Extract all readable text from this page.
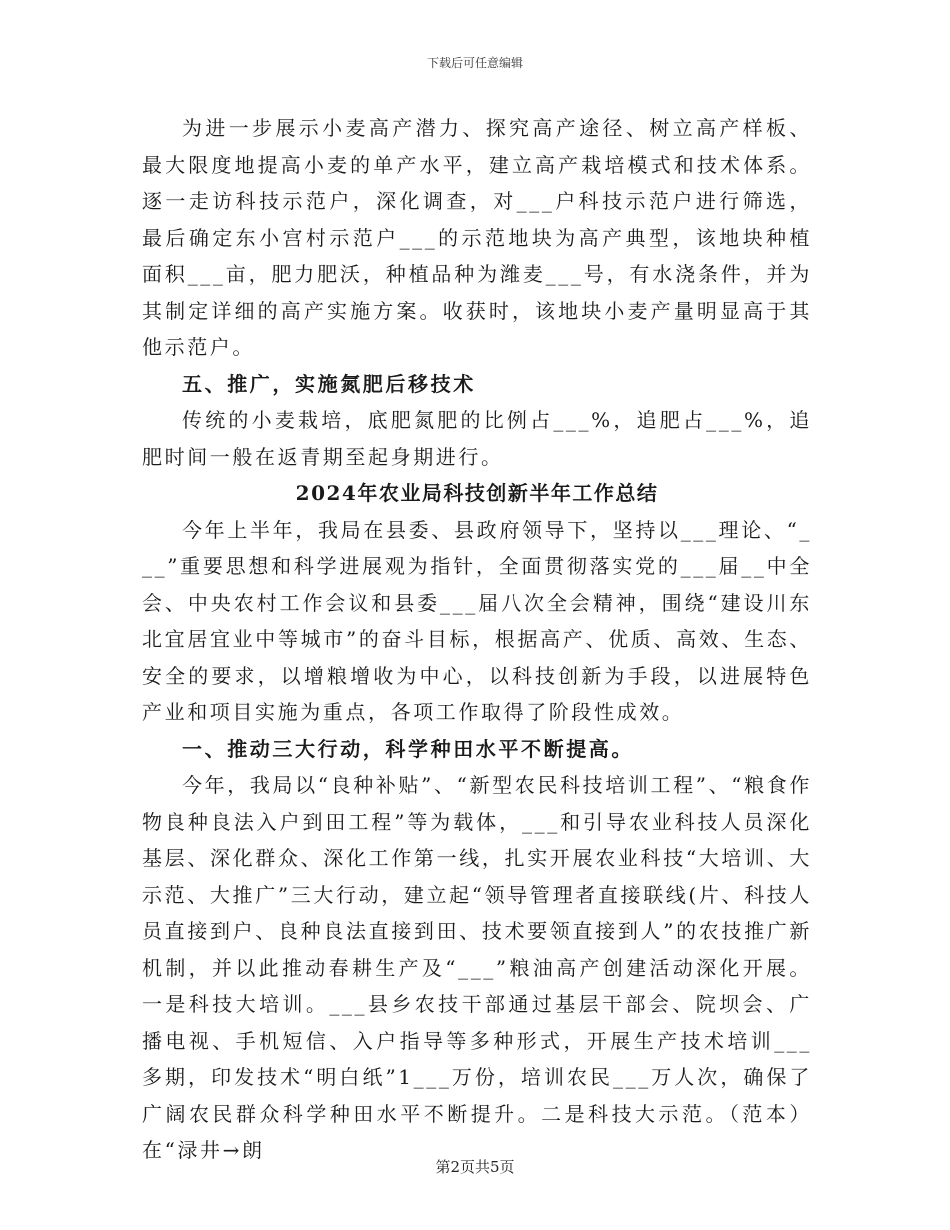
下载后可任意编辑

为进一步展示小麦高产潜力、探究高产途径、树立高产样板、最大限度地提高小麦的单产水平，建立高产栽培模式和技术体系。逐一走访科技示范户，深化调查，对___户科技示范户进行筛选，最后确定东小宫村示范户___的示范地块为高产典型，该地块种植面积___亩，肥力肥沃，种植品种为潍麦___号，有水浇条件，并为其制定详细的高产实施方案。收获时，该地块小麦产量明显高于其他示范户。

五、推广，实施氮肥后移技术

传统的小麦栽培，底肥氮肥的比例占___%，追肥占___%，追肥时间一般在返青期至起身期进行。

2024年农业局科技创新半年工作总结

今年上半年，我局在县委、县政府领导下，坚持以___理论、“___”重要思想和科学进展观为指针，全面贯彻落实党的___届__中全会、中央农村工作会议和县委___届八次全会精神，围绕“建设川东北宜居宜业中等城市”的奋斗目标，根据高产、优质、高效、生态、安全的要求，以增粮增收为中心，以科技创新为手段，以进展特色产业和项目实施为重点，各项工作取得了阶段性成效。

一、推动三大行动，科学种田水平不断提高。

今年，我局以“良种补贴”、“新型农民科技培训工程”、“粮食作物良种良法入户到田工程”等为载体，___和引导农业科技人员深化基层、深化群众、深化工作第一线，扎实开展农业科技“大培训、大示范、大推广”三大行动，建立起“领导管理者直接联线(片、科技人员直接到户、良种良法直接到田、技术要领直接到人”的农技推广新机制，并以此推动春耕生产及“___”粮油高产创建活动深化开展。一是科技大培训。___县乡农技干部通过基层干部会、院坝会、广播电视、手机短信、入户指导等多种形式，开展生产技术培训___多期，印发技术“明白纸”1___万份，培训农民___万人次，确保了广阔农民群众科学种田水平不断提升。二是科技大示范。（范本）在“渌井→朗

第2页共5页
